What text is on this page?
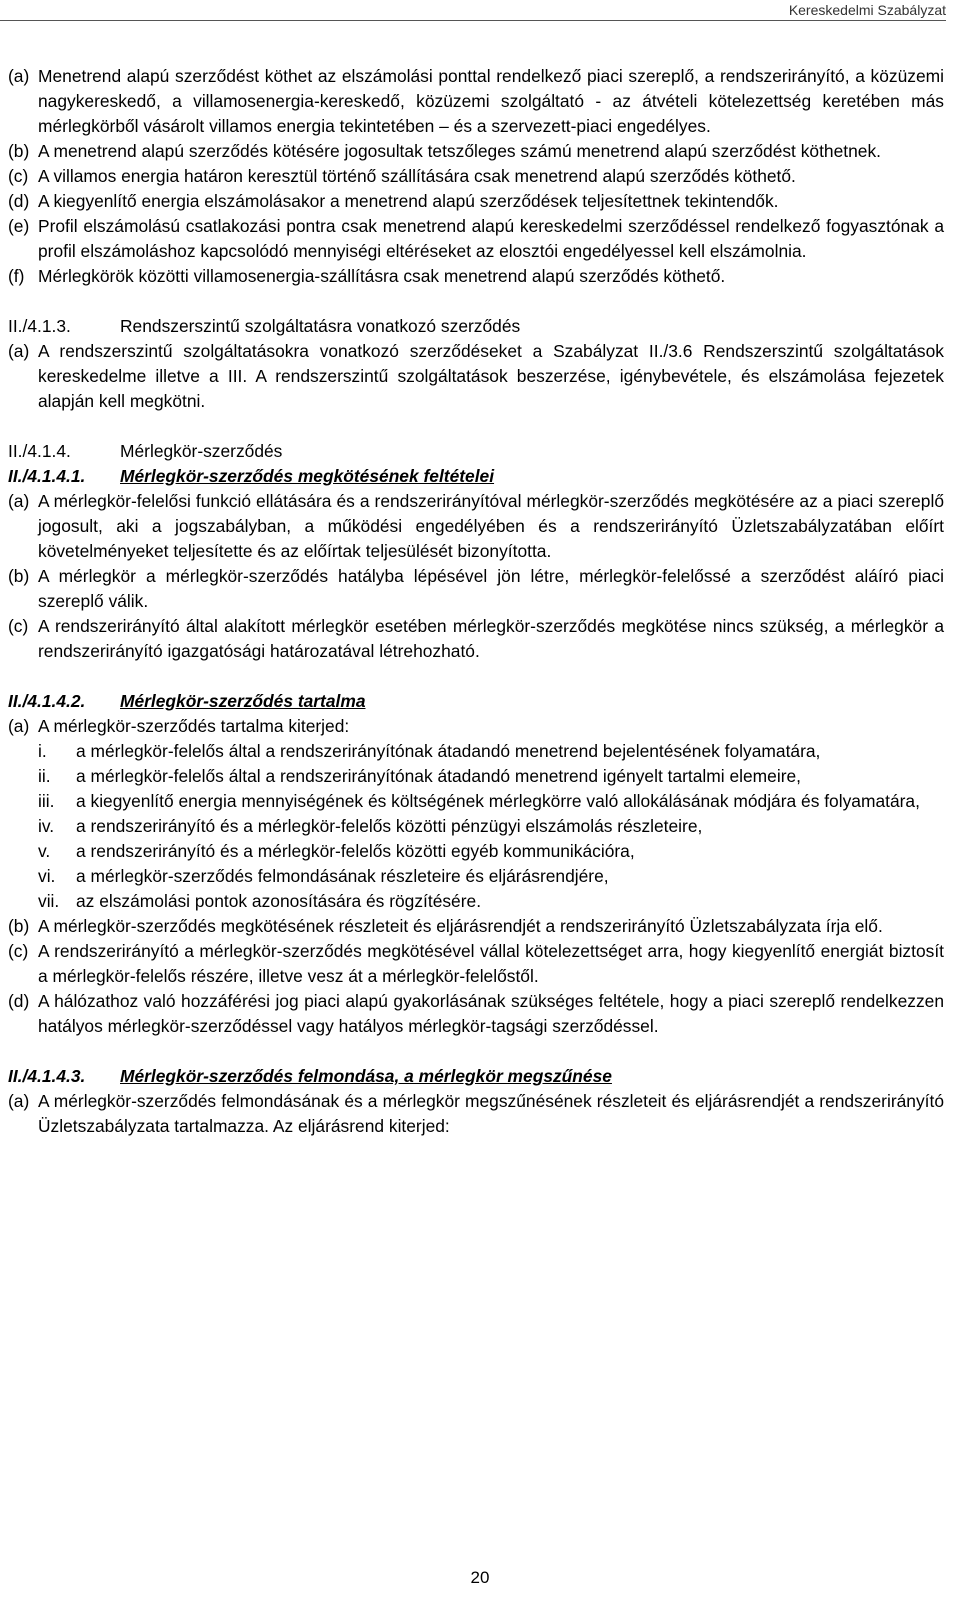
Kereskedelmi Szabályzat
(a) Menetrend alapú szerződést köthet az elszámolási ponttal rendelkező piaci szereplő, a rendszerirányító, a közüzemi nagykereskedő, a villamosenergia-kereskedő, közüzemi szolgáltató - az átvételi kötelezettség keretében más mérlegkörből vásárolt villamos energia tekintetében – és a szervezett-piaci engedélyes.
(b) A menetrend alapú szerződés kötésére jogosultak tetszőleges számú menetrend alapú szerződést köthetnek.
(c) A villamos energia határon keresztül történő szállítására csak menetrend alapú szerződés köthető.
(d) A kiegyenlítő energia elszámolásakor a menetrend alapú szerződések teljesítettnek tekintendők.
(e) Profil elszámolású csatlakozási pontra csak menetrend alapú kereskedelmi szerződéssel rendelkező fogyasztónak a profil elszámoláshoz kapcsolódó mennyiségi eltéréseket az elosztói engedélyessel kell elszámolnia.
(f) Mérlegkörök közötti villamosenergia-szállításra csak menetrend alapú szerződés köthető.
II./4.1.3.	Rendszerszintű szolgáltatásra vonatkozó szerződés
(a) A rendszerszintű szolgáltatásokra vonatkozó szerződéseket a Szabályzat II./3.6 Rendszerszintű szolgáltatások kereskedelme illetve a III. A rendszerszintű szolgáltatások beszerzése, igénybevétele, és elszámolása fejezetek alapján kell megkötni.
II./4.1.4.	Mérlegkör-szerződés
II./4.1.4.1.	Mérlegkör-szerződés megkötésének feltételei
(a) A mérlegkör-felelősi funkció ellátására és a rendszerirányítóval mérlegkör-szerződés megkötésére az a piaci szereplő jogosult, aki a jogszabályban, a működési engedélyében és a rendszerirányító Üzletszabályzatában előírt követelményeket teljesítette és az előírtak teljesülését bizonyította.
(b) A mérlegkör a mérlegkör-szerződés hatályba lépésével jön létre, mérlegkör-felelőssé a szerződést aláíró piaci szereplő válik.
(c) A rendszerirányító által alakított mérlegkör esetében mérlegkör-szerződés megkötése nincs szükség, a mérlegkör a rendszerirányító igazgatósági határozatával létrehozható.
II./4.1.4.2.	Mérlegkör-szerződés tartalma
(a) A mérlegkör-szerződés tartalma kiterjed:
i.	a mérlegkör-felelős által a rendszerirányítónak átadandó menetrend bejelentésének folyamatára,
ii.	a mérlegkör-felelős által a rendszerirányítónak átadandó menetrend igényelt tartalmi elemeire,
iii.	a kiegyenlítő energia mennyiségének és költségének mérlegkörre való allokálásának módjára és folyamatára,
iv.	a rendszerirányító és a mérlegkör-felelős közötti pénzügyi elszámolás részleteire,
v.	a rendszerirányító és a mérlegkör-felelős közötti egyéb kommunikációra,
vi.	a mérlegkör-szerződés felmondásának részleteire és eljárásrendjére,
vii. az elszámolási pontok azonosítására és rögzítésére.
(b) A mérlegkör-szerződés megkötésének részleteit és eljárásrendjét a rendszerirányító Üzletszabályzata írja elő.
(c) A rendszerirányító a mérlegkör-szerződés megkötésével vállal kötelezettséget arra, hogy kiegyenlítő energiát biztosít a mérlegkör-felelős részére, illetve vesz át a mérlegkör-felelőstől.
(d) A hálózathoz való hozzáférési jog piaci alapú gyakorlásának szükséges feltétele, hogy a piaci szereplő rendelkezzen hatályos mérlegkör-szerződéssel vagy hatályos mérlegkör-tagsági szerződéssel.
II./4.1.4.3.	Mérlegkör-szerződés felmondása, a mérlegkör megszűnése
(a) A mérlegkör-szerződés felmondásának és a mérlegkör megszűnésének részleteit és eljárásrendjét a rendszerirányító Üzletszabályzata tartalmazza. Az eljárásrend kiterjed:
20
